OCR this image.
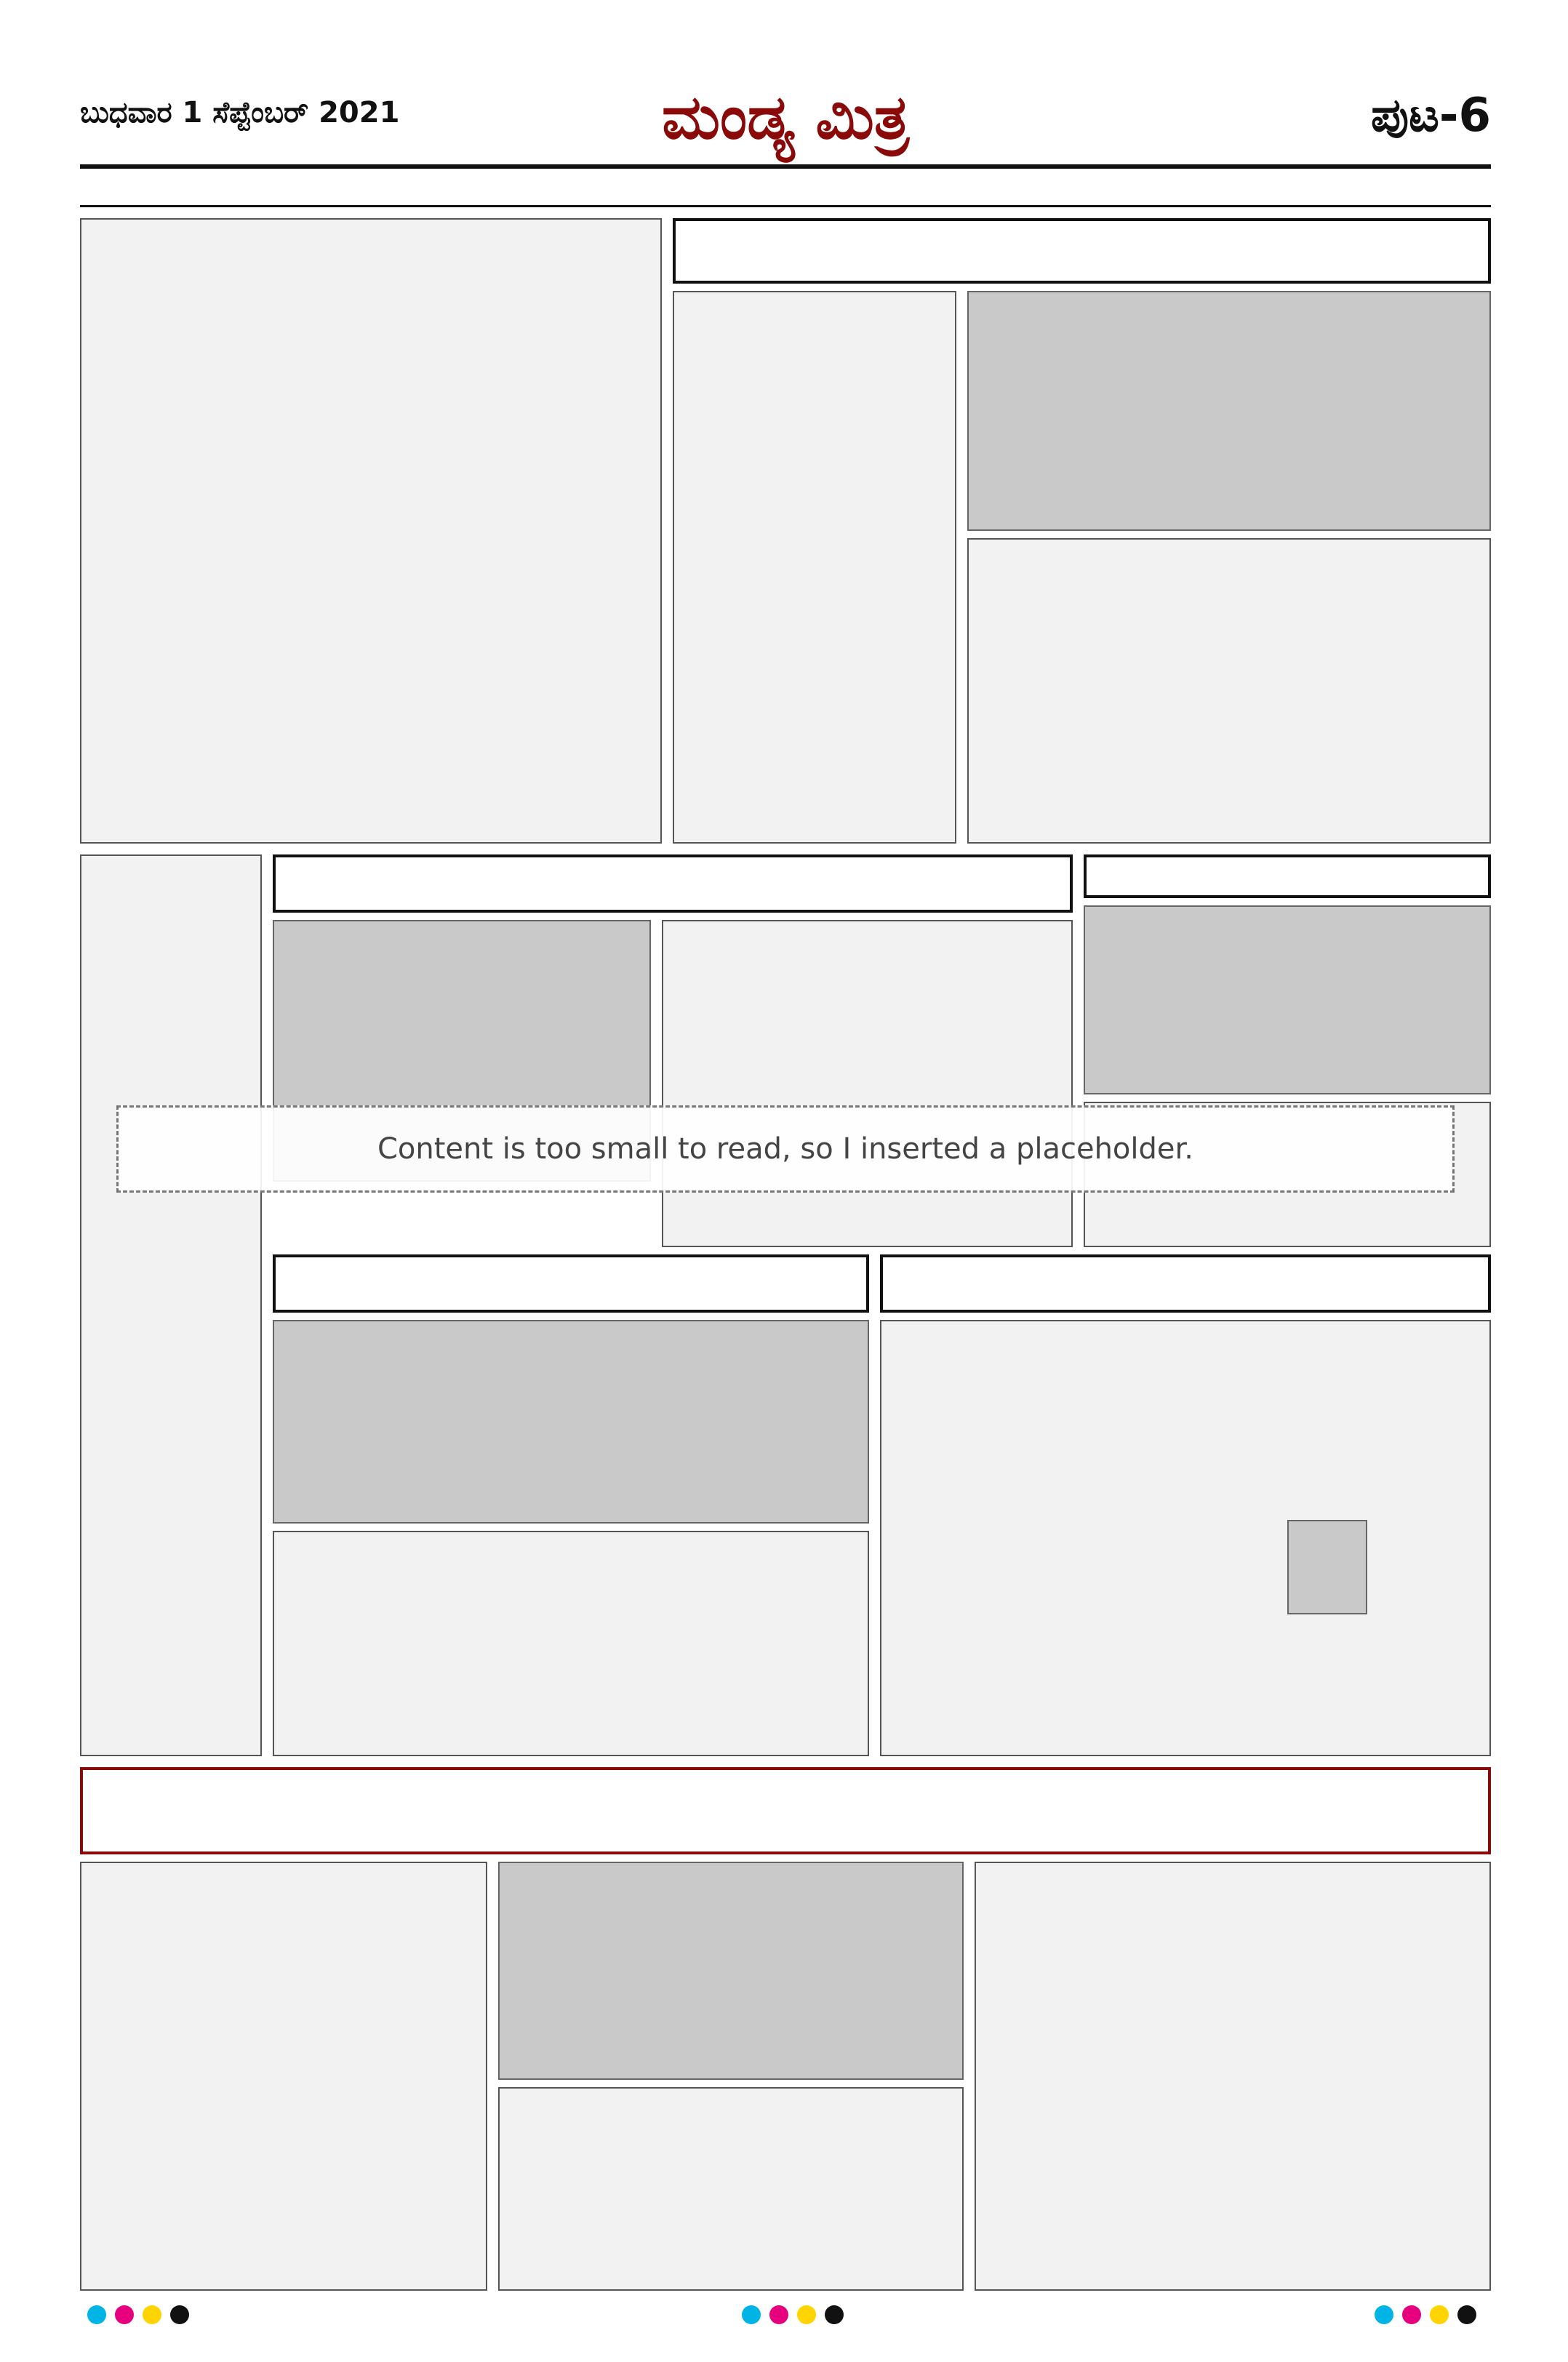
ಬುಧವಾರ 1 ಸೆಪ್ಟೆಂಬರ್ 2021	ಮಂಡ್ಯ ಮಿತ್ರ	ಪುಟ-6
Content is too small to read, so I inserted a placeholder.
